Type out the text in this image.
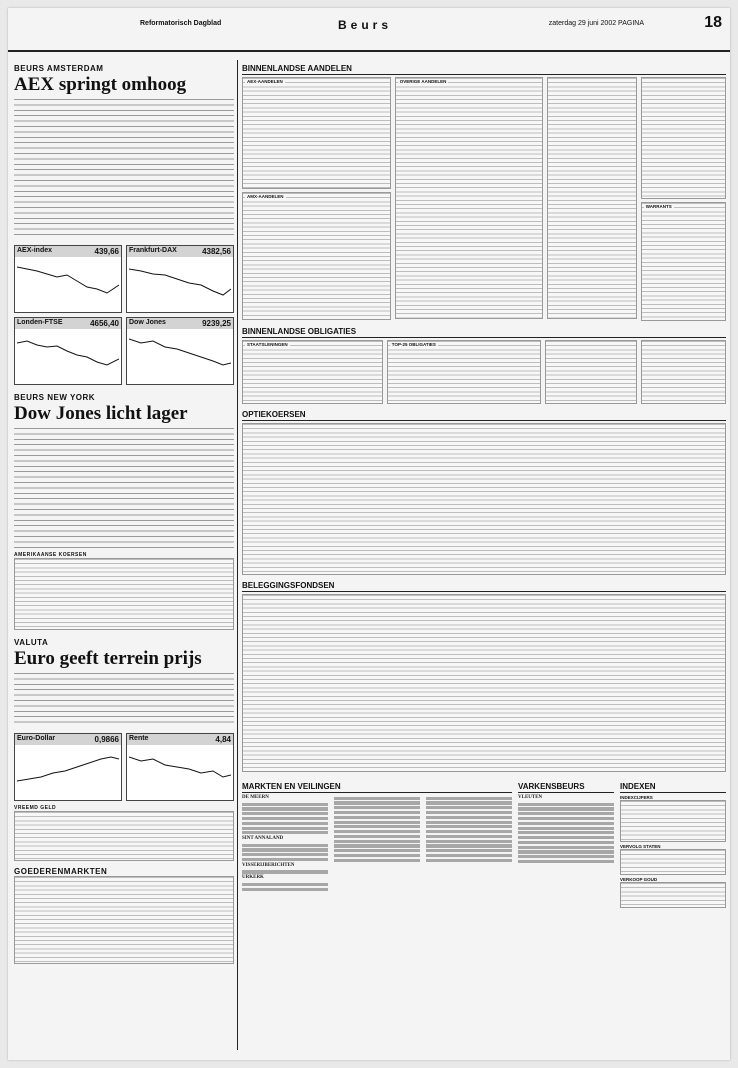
Reformatorisch Dagblad	Beurs	zaterdag 29 juni 2002 PAGINA	18
BEURS AMSTERDAM
AEX springt omhoog
AEX-index	439,66 Frankfurt-DAX	4382,56
Londen-FTSE	4656,40 Dow Jones	9239,25
BEURS NEW YORK
Dow Jones licht lager
AMERIKAANSE KOERSEN
VALUTA
Euro geeft terrein prijs
Euro-Dollar	0,9866 Rente	4,84
VREEMD GELD
GOEDERENMARKTEN
BINNENLANDSE AANDELEN
AEX-AANDELEN
AMX-AANDELEN
OVERIGE AANDELEN
WARRANTS
BINNENLANDSE OBLIGATIES
STAATSLENINGEN	TOP-25 OBLIGATIES
OPTIEKOERSEN
BELEGGINGSFONDSEN
MARKTEN EN VEILINGEN
DE MEERN
SINT ANNALAND
VISSERIJBERICHTEN
URKERK
VARKENSBEURS
VLEUTEN
INDEXEN
INDEXCIJFERS
VERVOLG STATEN
VERKOOP GOUD
